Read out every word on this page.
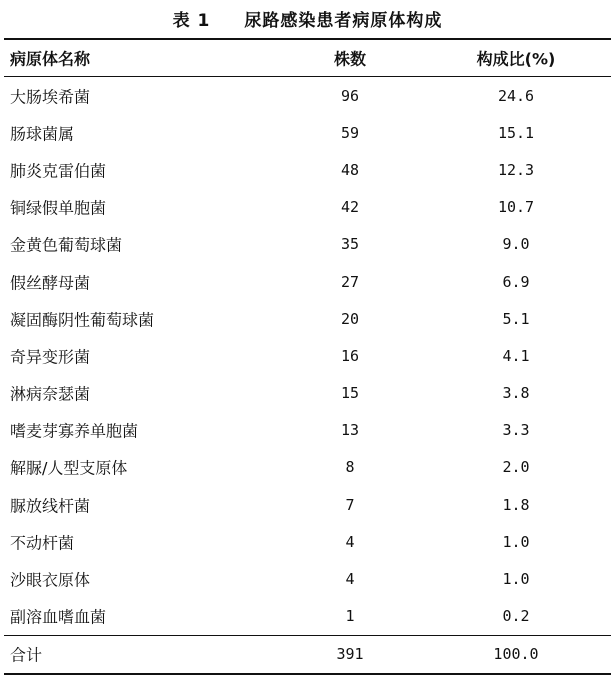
表 1 尿路感染患者病原体构成
病原体名称	株数	构成比(%)
大肠埃希菌	96	24.6
肠球菌属	59	15.1
肺炎克雷伯菌	48	12.3
铜绿假单胞菌	42	10.7
金黄色葡萄球菌	35	9.0
假丝酵母菌	27	6.9
凝固酶阴性葡萄球菌	20	5.1
奇异变形菌	16	4.1
淋病奈瑟菌	15	3.8
嗜麦芽寡养单胞菌	13	3.3
解脲/人型支原体	8	2.0
脲放线杆菌	7	1.8
不动杆菌	4	1.0
沙眼衣原体	4	1.0
副溶血嗜血菌	1	0.2
合计	391	100.0
